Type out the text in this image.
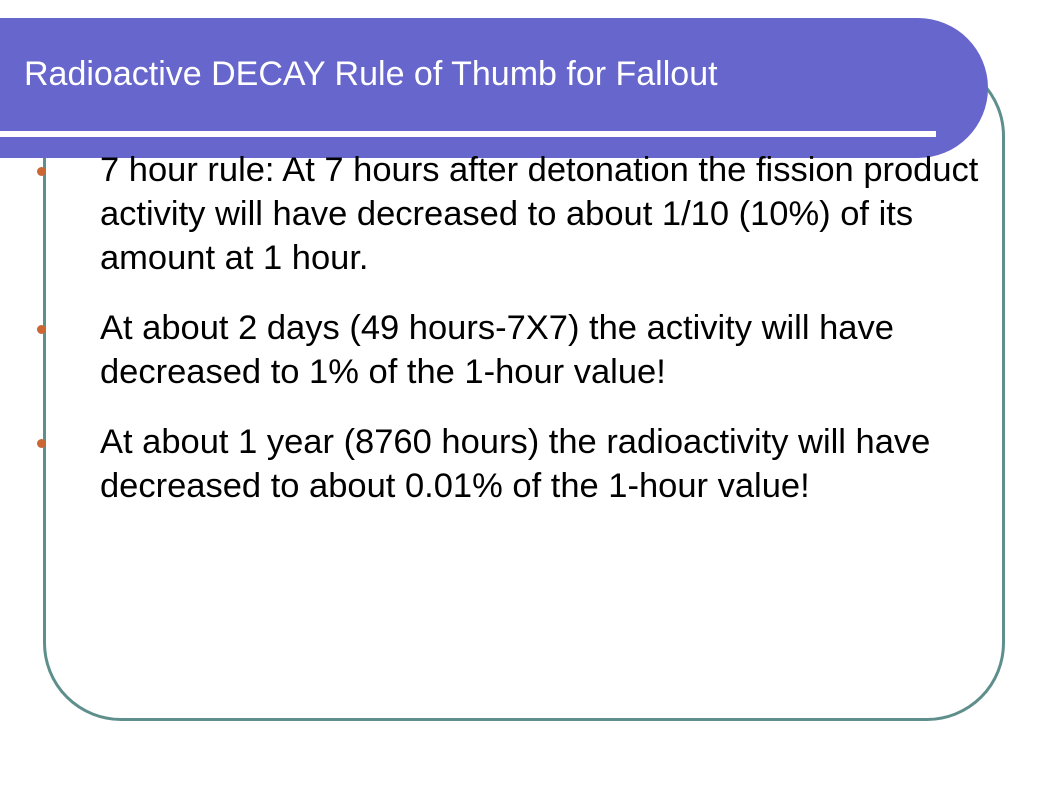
Radioactive DECAY Rule of Thumb for Fallout
7 hour rule: At 7 hours after detonation the fission product activity will have decreased to about 1/10 (10%) of its amount at 1 hour.
At about 2 days (49 hours-7X7) the activity will have decreased to 1% of the 1-hour value!
At about 1 year (8760 hours) the radioactivity will have decreased to about 0.01% of the 1-hour value!
